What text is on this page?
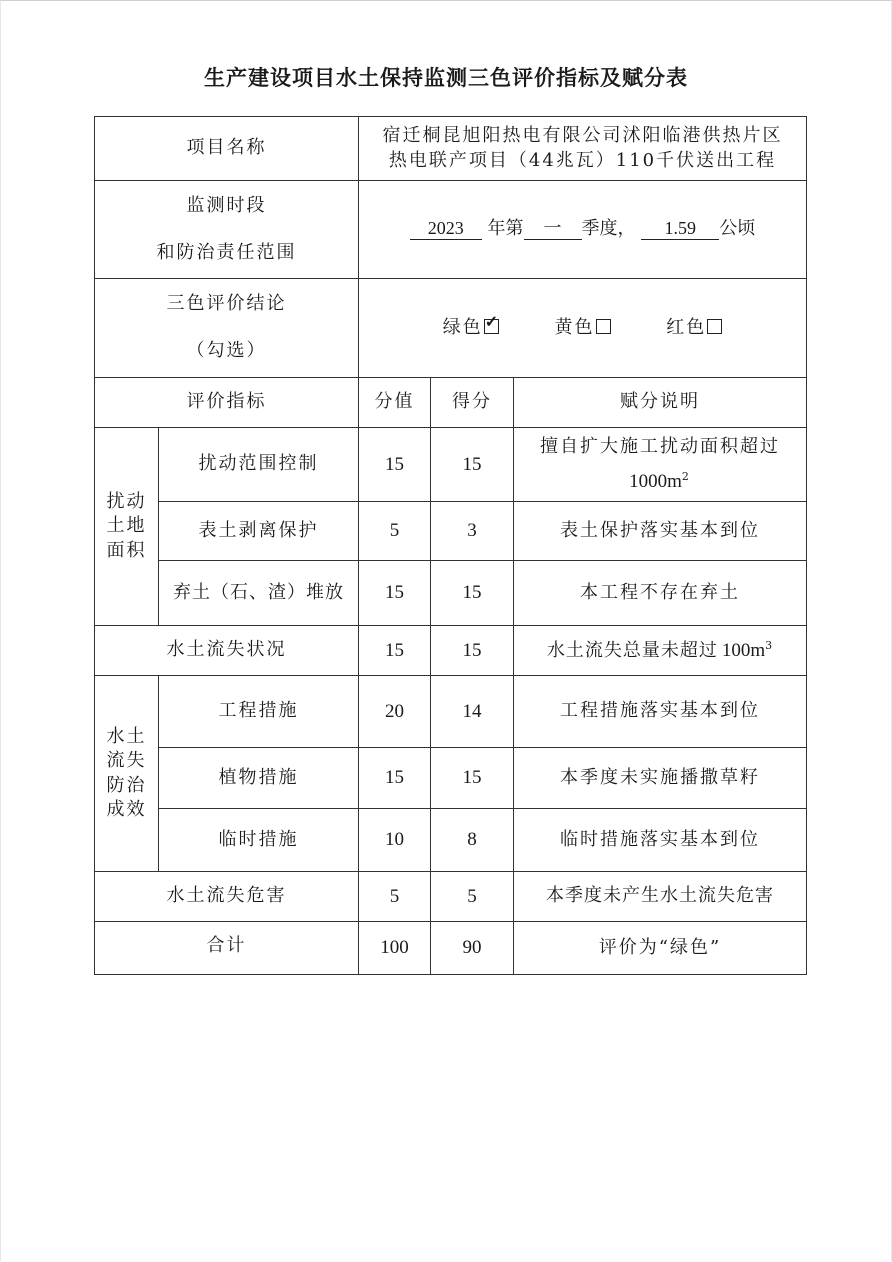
生产建设项目水土保持监测三色评价指标及赋分表
项目名称		宿迁桐昆旭阳热电有限公司沭阳临港供热片区
热电联产项目（44兆瓦）110千伏送出工程		

监测时段
和防治责任范围		2023 年第 一 季度， 1.59 公顷		

三色评价结论
（勾选）		绿色 ✓ 黄色 红色		
评价指标		分值	得分	赋分说明

扰动
土地
面积	扰动范围控制	15	15	擅自扩大施工扰动面积超过
$1000m^2$
	表土剥离保护	5	3	表土保护落实基本到位
	弃土（石、渣）堆放	15	15	本工程不存在弃土
水土流失状况		15	15	水土流失总量未超过 $100m^3$

水土
流失
防治
成效	工程措施	20	14	工程措施落实基本到位
	植物措施	15	15	本季度未实施播撒草籽
	临时措施	10	8	临时措施落实基本到位
水土流失危害		5	5	本季度未产生水土流失危害
合计		100	90	评价为“绿色”
